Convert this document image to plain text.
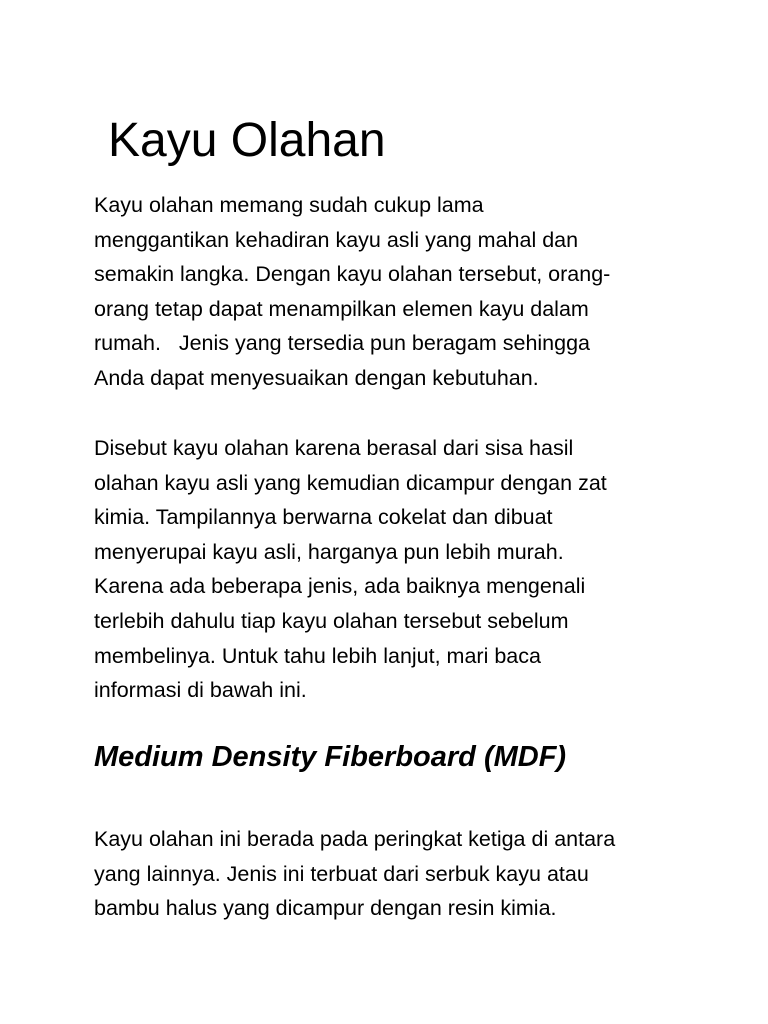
Kayu Olahan
Kayu olahan memang sudah cukup lama
menggantikan kehadiran kayu asli yang mahal dan
semakin langka. Dengan kayu olahan tersebut, orang-
orang tetap dapat menampilkan elemen kayu dalam
rumah.   Jenis yang tersedia pun beragam sehingga
Anda dapat menyesuaikan dengan kebutuhan.
Disebut kayu olahan karena berasal dari sisa hasil
olahan kayu asli yang kemudian dicampur dengan zat
kimia. Tampilannya berwarna cokelat dan dibuat
menyerupai kayu asli, harganya pun lebih murah.
Karena ada beberapa jenis, ada baiknya mengenali
terlebih dahulu tiap kayu olahan tersebut sebelum
membelinya. Untuk tahu lebih lanjut, mari baca
informasi di bawah ini.
Medium Density Fiberboard (MDF)
Kayu olahan ini berada pada peringkat ketiga di antara
yang lainnya. Jenis ini terbuat dari serbuk kayu atau
bambu halus yang dicampur dengan resin kimia.
